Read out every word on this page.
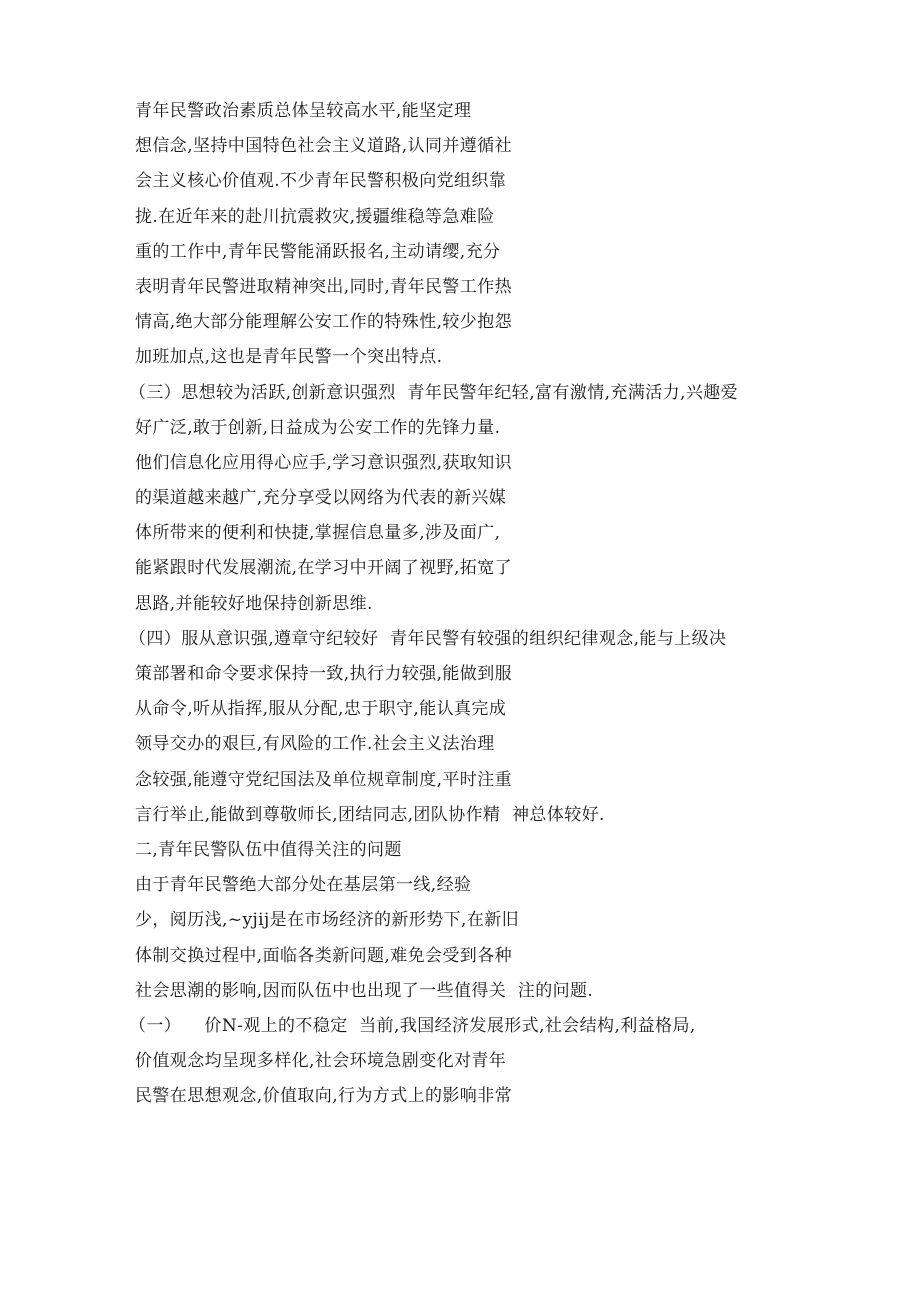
青年民警政治素质总体呈较高水平,能坚定理
想信念,坚持中国特色社会主义道路,认同并遵循社
会主义核心价值观.不少青年民警积极向党组织靠
拢.在近年来的赴川抗震救灾,援疆维稳等急难险
重的工作中,青年民警能涌跃报名,主动请缨,充分
表明青年民警进取精神突出,同时,青年民警工作热
情高,绝大部分能理解公安工作的特殊性,较少抱怨
加班加点,这也是青年民警一个突出特点.
（三）思想较为活跃,创新意识强烈  青年民警年纪轻,富有激情,充满活力,兴趣爱
好广泛,敢于创新,日益成为公安工作的先锋力量.
他们信息化应用得心应手,学习意识强烈,获取知识
的渠道越来越广,充分享受以网络为代表的新兴媒
体所带来的便利和快捷,掌握信息量多,涉及面广,
能紧跟时代发展潮流,在学习中开阔了视野,拓宽了
思路,并能较好地保持创新思维.
（四）服从意识强,遵章守纪较好  青年民警有较强的组织纪律观念,能与上级决
策部署和命令要求保持一致,执行力较强,能做到服
从命令,听从指挥,服从分配,忠于职守,能认真完成
领导交办的艰巨,有风险的工作.社会主义法治理
念较强,能遵守党纪国法及单位规章制度,平时注重
言行举止,能做到尊敬师长,团结同志,团队协作精  神总体较好.
二,青年民警队伍中值得关注的问题
由于青年民警绝大部分处在基层第一线,经验
少，阅历浅,~yjij是在市场经济的新形势下,在新旧
体制交换过程中,面临各类新问题,难免会受到各种
社会思潮的影响,因而队伍中也出现了一些值得关  注的问题.
（一）    价N-观上的不稳定  当前,我国经济发展形式,社会结构,利益格局,
价值观念均呈现多样化,社会环境急剧变化对青年
民警在思想观念,价值取向,行为方式上的影响非常
